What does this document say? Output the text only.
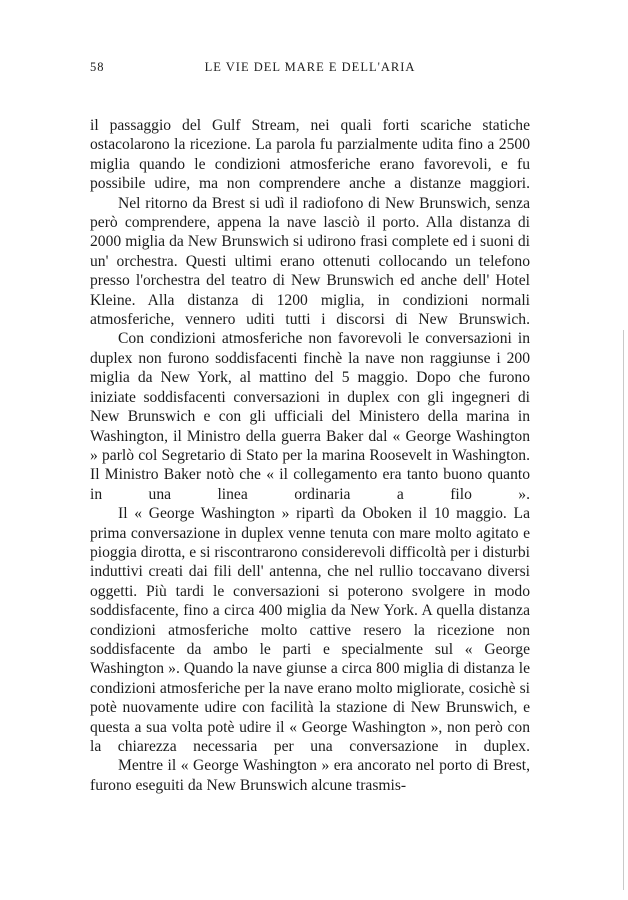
58	LE VIE DEL MARE E DELL'ARIA

il passaggio del Gulf Stream, nei quali forti scariche statiche ostacolarono la ricezione. La parola fu parzialmente udita fino a 2500 miglia quando le condizioni atmosferiche erano favorevoli, e fu possibile udire, ma non comprendere anche a distanze maggiori.

Nel ritorno da Brest si udì il radiofono di New Brunswich, senza però comprendere, appena la nave lasciò il porto. Alla distanza di 2000 miglia da New Brunswich si udirono frasi complete ed i suoni di un' orchestra. Questi ultimi erano ottenuti collocando un telefono presso l'orchestra del teatro di New Brunswich ed anche dell' Hotel Kleine. Alla distanza di 1200 miglia, in condizioni normali atmosferiche, vennero uditi tutti i discorsi di New Brunswich.

Con condizioni atmosferiche non favorevoli le conversazioni in duplex non furono soddisfacenti finchè la nave non raggiunse i 200 miglia da New York, al mattino del 5 maggio. Dopo che furono iniziate soddisfacenti conversazioni in duplex con gli ingegneri di New Brunswich e con gli ufficiali del Ministero della marina in Washington, il Ministro della guerra Baker dal « George Washington » parlò col Segretario di Stato per la marina Roosevelt in Washington. Il Ministro Baker notò che « il collegamento era tanto buono quanto in una linea ordinaria a filo ».

Il « George Washington » ripartì da Oboken il 10 maggio. La prima conversazione in duplex venne tenuta con mare molto agitato e pioggia dirotta, e si riscontrarono considerevoli difficoltà per i disturbi induttivi creati dai fili dell' antenna, che nel rullio toccavano diversi oggetti. Più tardi le conversazioni si poterono svolgere in modo soddisfacente, fino a circa 400 miglia da New York. A quella distanza condizioni atmosferiche molto cattive resero la ricezione non soddisfacente da ambo le parti e specialmente sul « George Washington ». Quando la nave giunse a circa 800 miglia di distanza le condizioni atmosferiche per la nave erano molto migliorate, cosichè si potè nuovamente udire con facilità la stazione di New Brunswich, e questa a sua volta potè udire il « George Washington », non però con la chiarezza necessaria per una conversazione in duplex.

Mentre il « George Washington » era ancorato nel porto di Brest, furono eseguiti da New Brunswich alcune trasmis-
